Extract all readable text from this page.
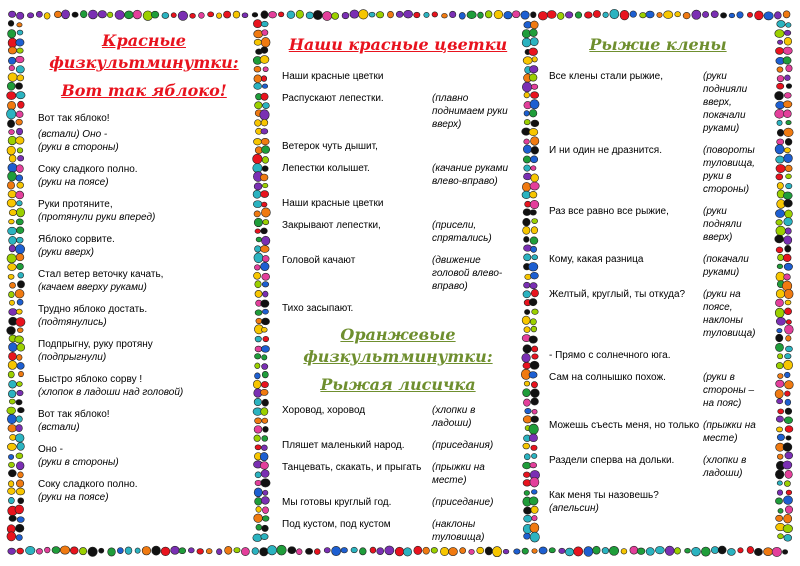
Красные физкультминутки:
Вот так яблоко!
Вот так яблоко!
(встали) Оно -
(руки в стороны)
Соку сладкого полно.
(руки на поясе)
Руки протяните,
(протянули руки вперед)
Яблоко сорвите.
(руки вверх)
Стал ветер веточку качать,
(качаем вверху руками)
Трудно яблоко достать.
(подтянулись)
Подпрыгну, руку протяну
(подпрыгнули)
Быстро яблоко сорву !
(хлопок в ладоши над головой)
Вот так яблоко!
(встали)
Оно -
(руки в стороны)
Соку сладкого полно.
(руки на поясе)
Наши красные цветки
Наши красные цветки
Распускают лепестки.	(плавно поднимаем руки вверх)
Ветерок чуть дышит,
Лепестки колышет.	(качание руками влево-вправо)
Наши красные цветки
Закрывают лепестки,	(присели, спрятались)
Головой качают	(движение головой влево-вправо)
Тихо засыпают.
Оранжевые физкультминутки:
Рыжая лисичка
Хоровод, хоровод	(хлопки в ладоши)
Пляшет маленький народ.	(приседания)
Танцевать, скакать, и прыгать (прыжки на месте)
Мы готовы круглый год.	(приседание)
Под кустом, под кустом	(наклоны туловища)
Рыжие клены
Все клены стали рыжие,	(руки поднияли вверх, покачали руками)
И ни один не дразнится.	(повороты туловища, руки в стороны)
Раз все равно все рыжие,	(руки подняли вверх)
Кому, какая разница	(покачали руками)
Желтый, круглый, ты откуда? (руки на поясе, наклоны туловища)
- Прямо с солнечного юга.
Сам на солнышко похож.	(руки в стороны – на пояс)
Можешь съесть меня, но только (прыжки на месте)
Раздели сперва на дольки.	(хлопки в ладоши)
Как меня ты назовешь?
(апельсин)
